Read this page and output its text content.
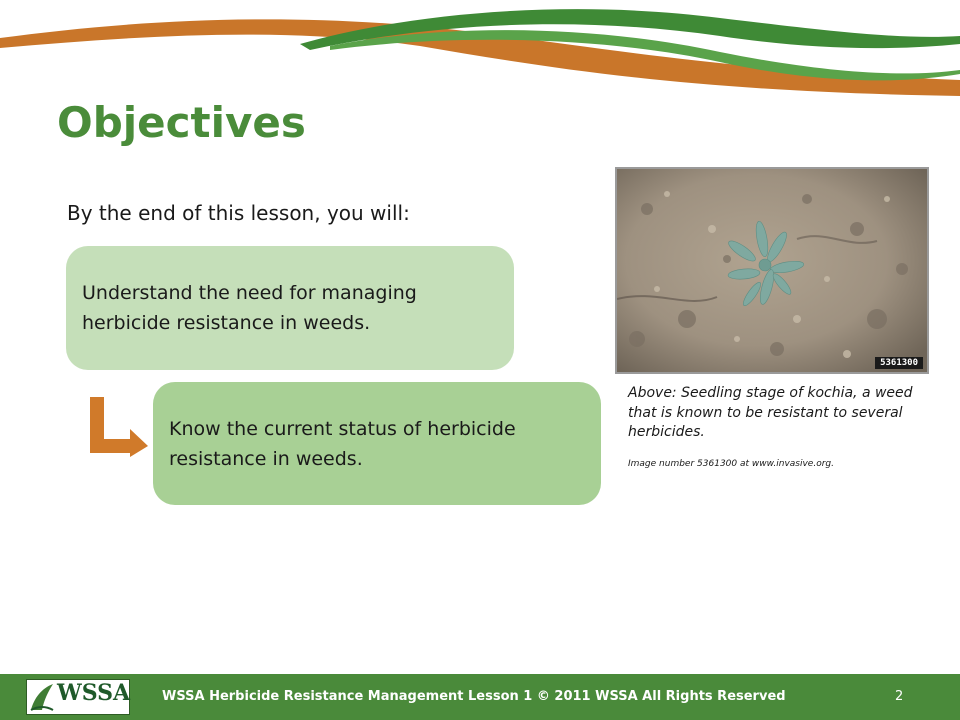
Objectives
By the end of this lesson, you will:
Understand the need for managing herbicide resistance in weeds.
Know the current status of herbicide resistance in weeds.
5361300
Above: Seedling stage of kochia, a weed that is known to be resistant to several herbicides.
Image number 5361300 at www.invasive.org.
WSSA WSSA Herbicide Resistance Management Lesson 1 © 2011 WSSA All Rights Reserved	2
